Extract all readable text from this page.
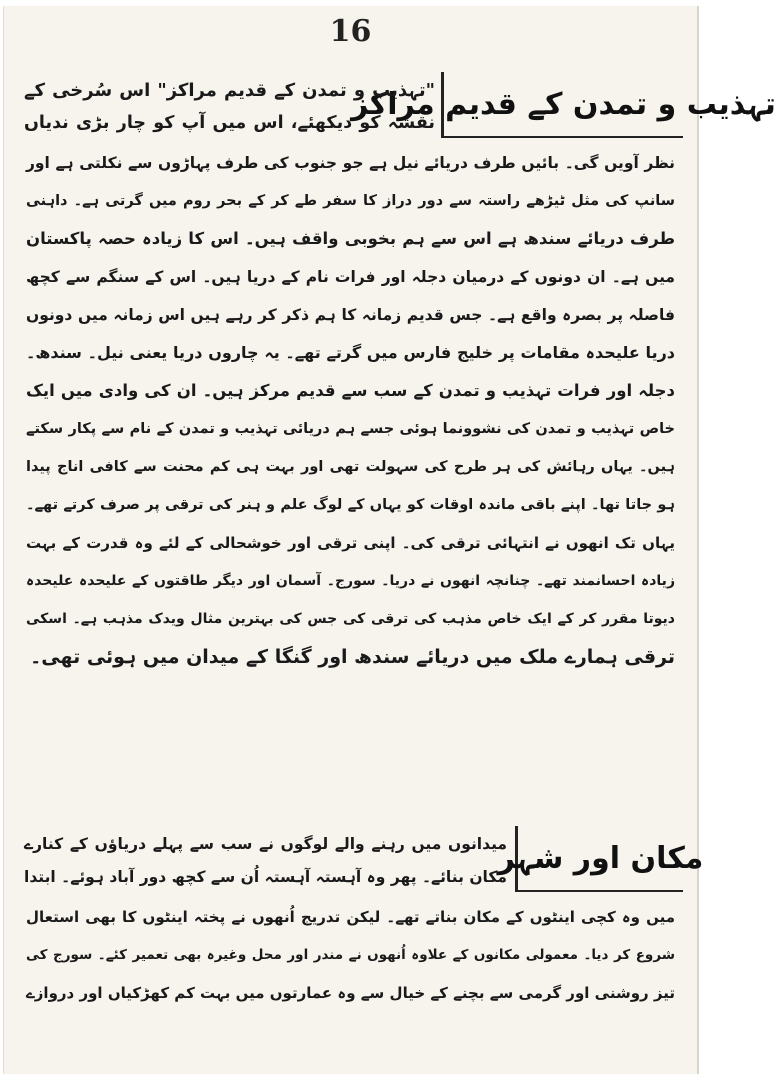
16
تہذیب و تمدن کے قدیم مراکز
"تہذیب و تمدن کے قدیم مراکز" اس سُرخی کے
نقشہ کو دیکھئے، اس میں آپ کو چار بڑی ندیاں
نظر آویں گی۔ بائیں طرف دریائے نیل ہے جو جنوب کی طرف پہاڑوں سے نکلتی ہے اور
سانپ کی مثل ٹیڑھے راستہ سے دور دراز کا سفر طے کر کے بحر روم میں گرتی ہے۔ داہنی
طرف دریائے سندھ ہے اس سے ہم بخوبی واقف ہیں۔ اس کا زیادہ حصہ پاکستان
میں ہے۔ ان دونوں کے درمیان دجلہ اور فرات نام کے دریا ہیں۔ اس کے سنگم سے کچھ
فاصلہ پر بصرہ واقع ہے۔ جس قدیم زمانہ کا ہم ذکر کر رہے ہیں اس زمانہ میں دونوں
دریا علیحدہ مقامات پر خلیج فارس میں گرتے تھے۔ یہ چاروں دریا یعنی نیل۔ سندھ۔
دجلہ اور فرات تہذیب و تمدن کے سب سے قدیم مرکز ہیں۔ ان کی وادی میں ایک
خاص تہذیب و تمدن کی نشوونما ہوئی جسے ہم دریائی تہذیب و تمدن کے نام سے پکار سکتے
ہیں۔ یہاں رہائش کی ہر طرح کی سہولت تھی اور بہت ہی کم محنت سے کافی اناج پیدا
ہو جاتا تھا۔ اپنے باقی ماندہ اوقات کو یہاں کے لوگ علم و ہنر کی ترقی پر صرف کرتے تھے۔
یہاں تک انھوں نے انتہائی ترقی کی۔ اپنی ترقی اور خوشحالی کے لئے وہ قدرت کے بہت
زیادہ احسانمند تھے۔ چنانچہ انھوں نے دریا۔ سورج۔ آسمان اور دیگر طاقتوں کے علیحدہ علیحدہ
دیوتا مقرر کر کے ایک خاص مذہب کی ترقی کی جس کی بہترین مثال ویدک مذہب ہے۔ اسکی
ترقی ہمارے ملک میں دریائے سندھ اور گنگا کے میدان میں ہوئی تھی۔
مکان اور شہر
میدانوں میں رہنے والے لوگوں نے سب سے پہلے دریاؤں کے کنارے
مکان بنائے۔ پھر وہ آہستہ آہستہ اُن سے کچھ دور آباد ہوئے۔ ابتدا
میں وہ کچی اینٹوں کے مکان بناتے تھے۔ لیکن تدریج اُنھوں نے پختہ اینٹوں کا بھی استعال
شروع کر دیا۔ معمولی مکانوں کے علاوہ اُنھوں نے مندر اور محل وغیرہ بھی تعمیر کئے۔ سورج کی
تیز روشنی اور گرمی سے بچنے کے خیال سے وہ عمارتوں میں بہت کم کھڑکیاں اور دروازے
